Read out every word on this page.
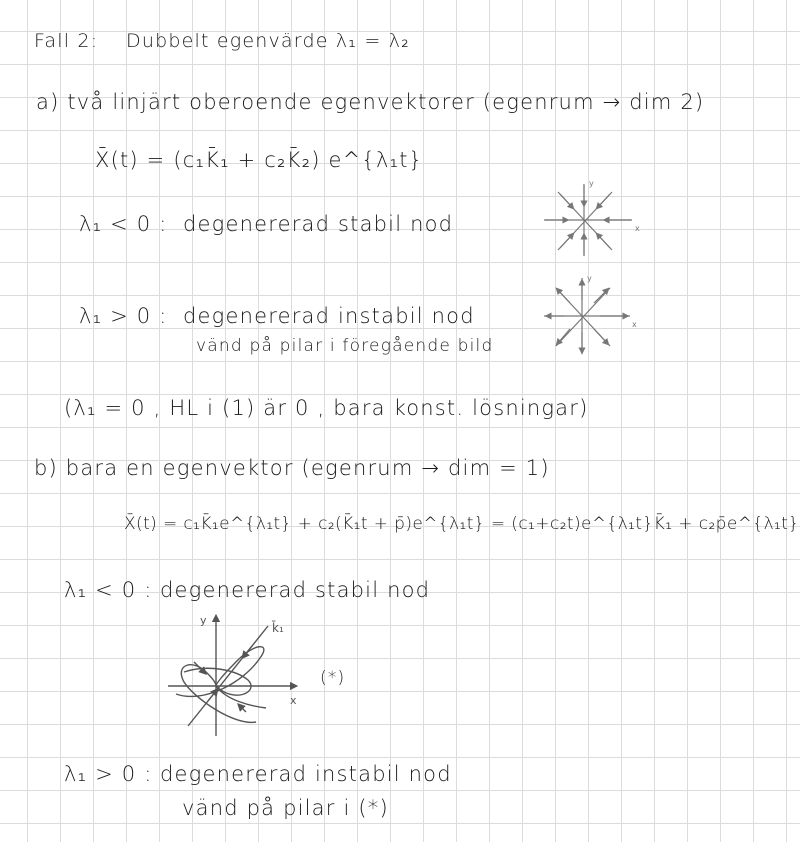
Fall 2: Dubbelt egenvärde λ₁ = λ₂
a) två linjärt oberoende egenvektorer (egenrum → dim 2)
X̄(t) = (c₁K̄₁ + c₂K̄₂) e^{λ₁t}
λ₁ < 0 : degenererad stabil nod	x
y
λ₁ > 0 : degenererad instabil nod
vänd på pilar i föregående bild
x
y
(λ₁ = 0 , HL i (1) är 0 , bara konst. lösningar)
b) bara en egenvektor (egenrum → dim = 1)
X̄(t) = c₁K̄₁e^{λ₁t} + c₂(K̄₁t + p̄)e^{λ₁t} = (c₁+c₂t)e^{λ₁t}K̄₁ + c₂p̄e^{λ₁t}
λ₁ < 0 : degenererad stabil nod
y
x
k̄₁
(*)
λ₁ > 0 : degenererad instabil nod
vänd på pilar i (*)
